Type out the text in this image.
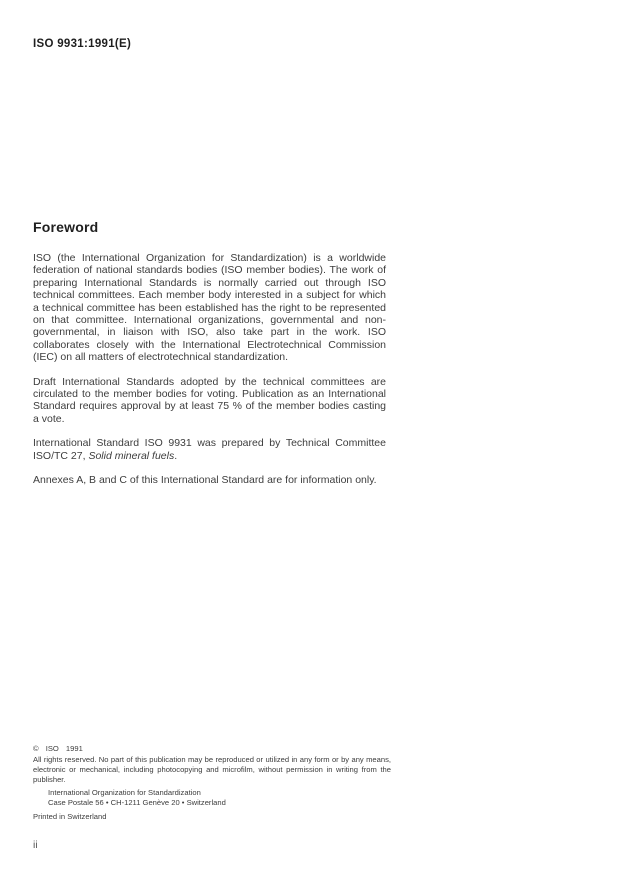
ISO 9931:1991(E)
Foreword

ISO (the International Organization for Standardization) is a worldwide federation of national standards bodies (ISO member bodies). The work of preparing International Standards is normally carried out through ISO technical committees. Each member body interested in a subject for which a technical committee has been established has the right to be represented on that committee. International organizations, governmental and non-governmental, in liaison with ISO, also take part in the work. ISO collaborates closely with the International Electrotechnical Commission (IEC) on all matters of electrotechnical standardization.

Draft International Standards adopted by the technical committees are circulated to the member bodies for voting. Publication as an International Standard requires approval by at least 75 % of the member bodies casting a vote.

International Standard ISO 9931 was prepared by Technical Committee ISO/TC 27, Solid mineral fuels.

Annexes A, B and C of this International Standard are for information only.

© ISO 1991
All rights reserved. No part of this publication may be reproduced or utilized in any form or by any means, electronic or mechanical, including photocopying and microfilm, without permission in writing from the publisher.
International Organization for Standardization
Case Postale 56 • CH-1211 Genève 20 • Switzerland
Printed in Switzerland
ii
